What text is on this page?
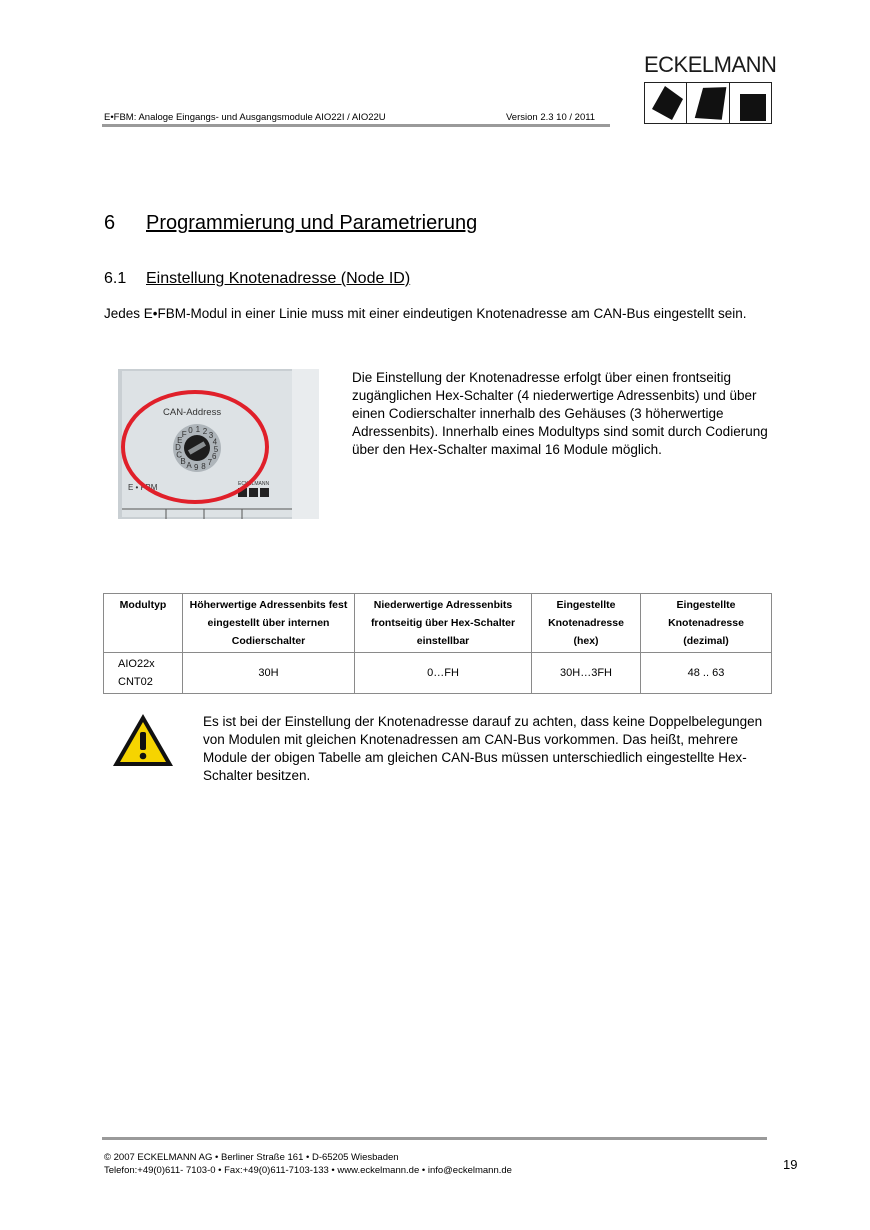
E•FBM: Analoge Eingangs- und Ausgangsmodule AIO22I / AIO22U	Version 2.3 10 / 2011
ECKELMANN
6 Programmierung und Parametrierung
6.1 Einstellung Knotenadresse (Node ID)
Jedes E•FBM-Modul in einer Linie muss mit einer eindeutigen Knotenadresse am CAN-Bus eingestellt sein.
CAN-Address
0 1 2 3
4
5
6
7
8
9
A
B
C
D
E
F
E • FBM	ECKELMANN
Die Einstellung der Knotenadresse erfolgt über einen frontseitig zugänglichen Hex-Schalter (4 niederwertige Adressenbits) und über einen Codierschalter innerhalb des Gehäuses (3 höherwertige Adressenbits). Innerhalb eines Modultyps sind somit durch Codierung über den Hex-Schalter maximal 16 Module möglich.
Modultyp	Höherwertige Adressenbits fest eingestellt über internen Codierschalter	Niederwertige Adressenbits frontseitig über Hex-Schalter einstellbar	Eingestellte Knotenadresse (hex)	Eingestellte Knotenadresse (dezimal)

AIO22x
CNT02	30H	0…FH	30H…3FH	48 .. 63
Es ist bei der Einstellung der Knotenadresse darauf zu achten, dass keine Doppelbelegungen von Modulen mit gleichen Knotenadressen am CAN-Bus vorkommen. Das heißt, mehrere Module der obigen Tabelle am gleichen CAN-Bus müssen unterschiedlich eingestellte Hex-Schalter besitzen.
© 2007 ECKELMANN AG • Berliner Straße 161 • D-65205 Wiesbaden
Telefon:+49(0)611- 7103-0 • Fax:+49(0)611-7103-133 • www.eckelmann.de • info@eckelmann.de	19
